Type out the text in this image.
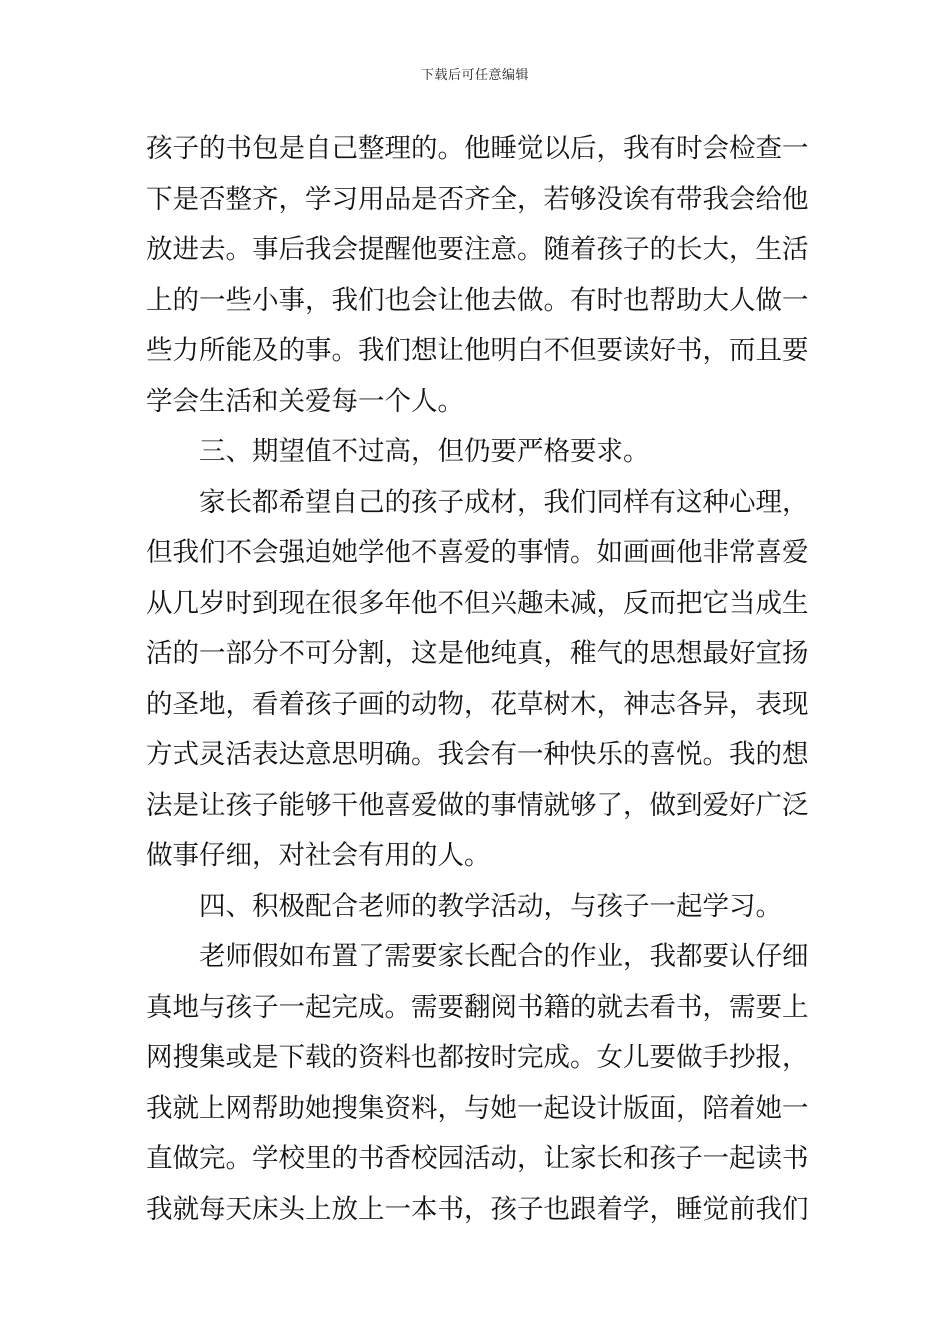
下载后可任意编辑
孩子的书包是自己整理的。他睡觉以后，我有时会检查一
下是否整齐，学习用品是否齐全，若够没诶有带我会给他
放进去。事后我会提醒他要注意。随着孩子的长大，生活
上的一些小事，我们也会让他去做。有时也帮助大人做一
些力所能及的事。我们想让他明白不但要读好书，而且要
学会生活和关爱每一个人。
三、期望值不过高，但仍要严格要求。
家长都希望自己的孩子成材，我们同样有这种心理，
但我们不会强迫她学他不喜爱的事情。如画画他非常喜爱
从几岁时到现在很多年他不但兴趣未减，反而把它当成生
活的一部分不可分割，这是他纯真，稚气的思想最好宣扬
的圣地，看着孩子画的动物，花草树木，神志各异，表现
方式灵活表达意思明确。我会有一种快乐的喜悦。我的想
法是让孩子能够干他喜爱做的事情就够了，做到爱好广泛
做事仔细，对社会有用的人。
四、积极配合老师的教学活动，与孩子一起学习。
老师假如布置了需要家长配合的作业，我都要认仔细
真地与孩子一起完成。需要翻阅书籍的就去看书，需要上
网搜集或是下载的资料也都按时完成。女儿要做手抄报，
我就上网帮助她搜集资料，与她一起设计版面，陪着她一
直做完。学校里的书香校园活动，让家长和孩子一起读书
我就每天床头上放上一本书，孩子也跟着学，睡觉前我们
